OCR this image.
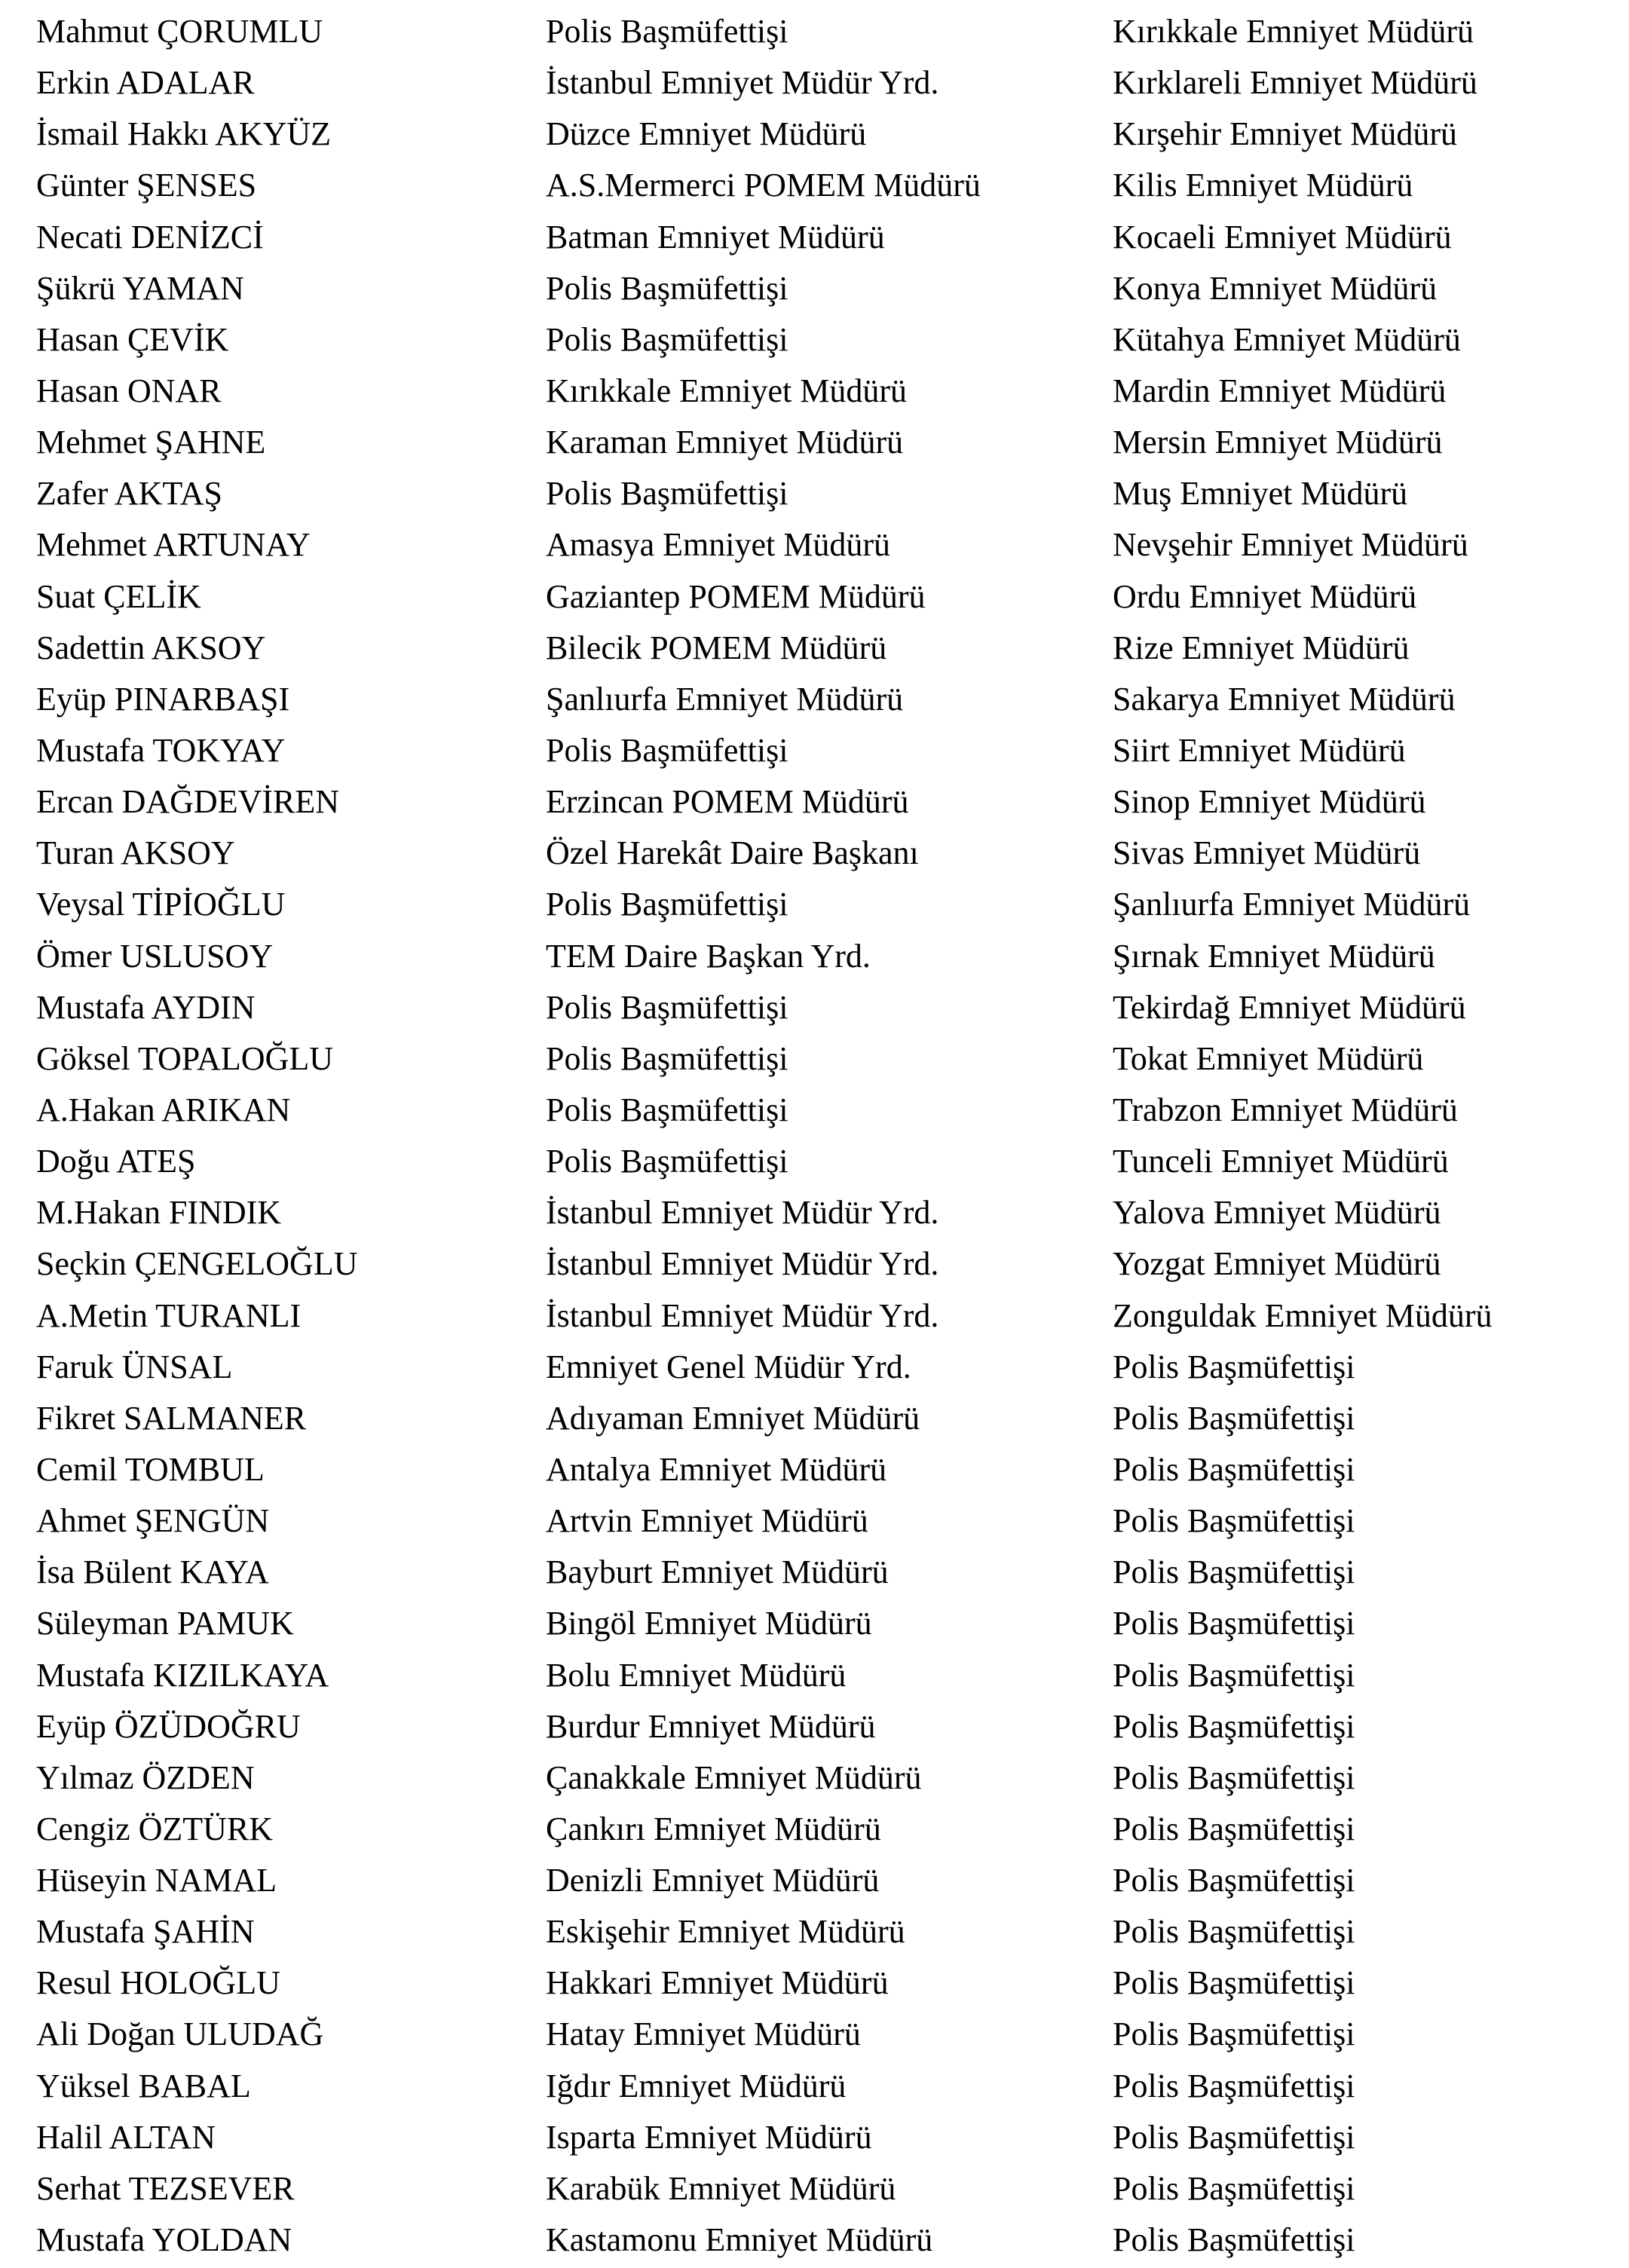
Mahmut ÇORUMLU	Polis Başmüfettişi	Kırıkkale Emniyet Müdürü
Erkin ADALAR	İstanbul Emniyet Müdür Yrd.	Kırklareli Emniyet Müdürü
İsmail Hakkı AKYÜZ	Düzce Emniyet Müdürü	Kırşehir Emniyet Müdürü
Günter ŞENSES	A.S.Mermerci POMEM Müdürü	Kilis Emniyet Müdürü
Necati DENİZCİ	Batman Emniyet Müdürü	Kocaeli Emniyet Müdürü
Şükrü YAMAN	Polis Başmüfettişi	Konya Emniyet Müdürü
Hasan ÇEVİK	Polis Başmüfettişi	Kütahya Emniyet Müdürü
Hasan ONAR	Kırıkkale Emniyet Müdürü	Mardin Emniyet Müdürü
Mehmet ŞAHNE	Karaman Emniyet Müdürü	Mersin Emniyet Müdürü
Zafer AKTAŞ	Polis Başmüfettişi	Muş Emniyet Müdürü
Mehmet ARTUNAY	Amasya Emniyet Müdürü	Nevşehir Emniyet Müdürü
Suat ÇELİK	Gaziantep POMEM Müdürü	Ordu Emniyet Müdürü
Sadettin AKSOY	Bilecik POMEM Müdürü	Rize Emniyet Müdürü
Eyüp PINARBAŞI	Şanlıurfa Emniyet Müdürü	Sakarya Emniyet Müdürü
Mustafa TOKYAY	Polis Başmüfettişi	Siirt Emniyet Müdürü
Ercan DAĞDEVİREN	Erzincan POMEM Müdürü	Sinop Emniyet Müdürü
Turan AKSOY	Özel Harekât Daire Başkanı	Sivas Emniyet Müdürü
Veysal TİPİOĞLU	Polis Başmüfettişi	Şanlıurfa Emniyet Müdürü
Ömer USLUSOY	TEM Daire Başkan Yrd.	Şırnak Emniyet Müdürü
Mustafa AYDIN	Polis Başmüfettişi	Tekirdağ Emniyet Müdürü
Göksel TOPALOĞLU	Polis Başmüfettişi	Tokat Emniyet Müdürü
A.Hakan ARIKAN	Polis Başmüfettişi	Trabzon Emniyet Müdürü
Doğu ATEŞ	Polis Başmüfettişi	Tunceli Emniyet Müdürü
M.Hakan FINDIK	İstanbul Emniyet Müdür Yrd.	Yalova Emniyet Müdürü
Seçkin ÇENGELOĞLU	İstanbul Emniyet Müdür Yrd.	Yozgat Emniyet Müdürü
A.Metin TURANLI	İstanbul Emniyet Müdür Yrd.	Zonguldak Emniyet Müdürü
Faruk ÜNSAL	Emniyet Genel Müdür Yrd.	Polis Başmüfettişi
Fikret SALMANER	Adıyaman Emniyet Müdürü	Polis Başmüfettişi
Cemil TOMBUL	Antalya Emniyet Müdürü	Polis Başmüfettişi
Ahmet ŞENGÜN	Artvin Emniyet Müdürü	Polis Başmüfettişi
İsa Bülent KAYA	Bayburt Emniyet Müdürü	Polis Başmüfettişi
Süleyman PAMUK	Bingöl Emniyet Müdürü	Polis Başmüfettişi
Mustafa KIZILKAYA	Bolu Emniyet Müdürü	Polis Başmüfettişi
Eyüp ÖZÜDOĞRU	Burdur Emniyet Müdürü	Polis Başmüfettişi
Yılmaz ÖZDEN	Çanakkale Emniyet Müdürü	Polis Başmüfettişi
Cengiz ÖZTÜRK	Çankırı Emniyet Müdürü	Polis Başmüfettişi
Hüseyin NAMAL	Denizli Emniyet Müdürü	Polis Başmüfettişi
Mustafa ŞAHİN	Eskişehir Emniyet Müdürü	Polis Başmüfettişi
Resul HOLOĞLU	Hakkari Emniyet Müdürü	Polis Başmüfettişi
Ali Doğan ULUDAĞ	Hatay Emniyet Müdürü	Polis Başmüfettişi
Yüksel BABAL	Iğdır Emniyet Müdürü	Polis Başmüfettişi
Halil ALTAN	Isparta Emniyet Müdürü	Polis Başmüfettişi
Serhat TEZSEVER	Karabük Emniyet Müdürü	Polis Başmüfettişi
Mustafa YOLDAN	Kastamonu Emniyet Müdürü	Polis Başmüfettişi
